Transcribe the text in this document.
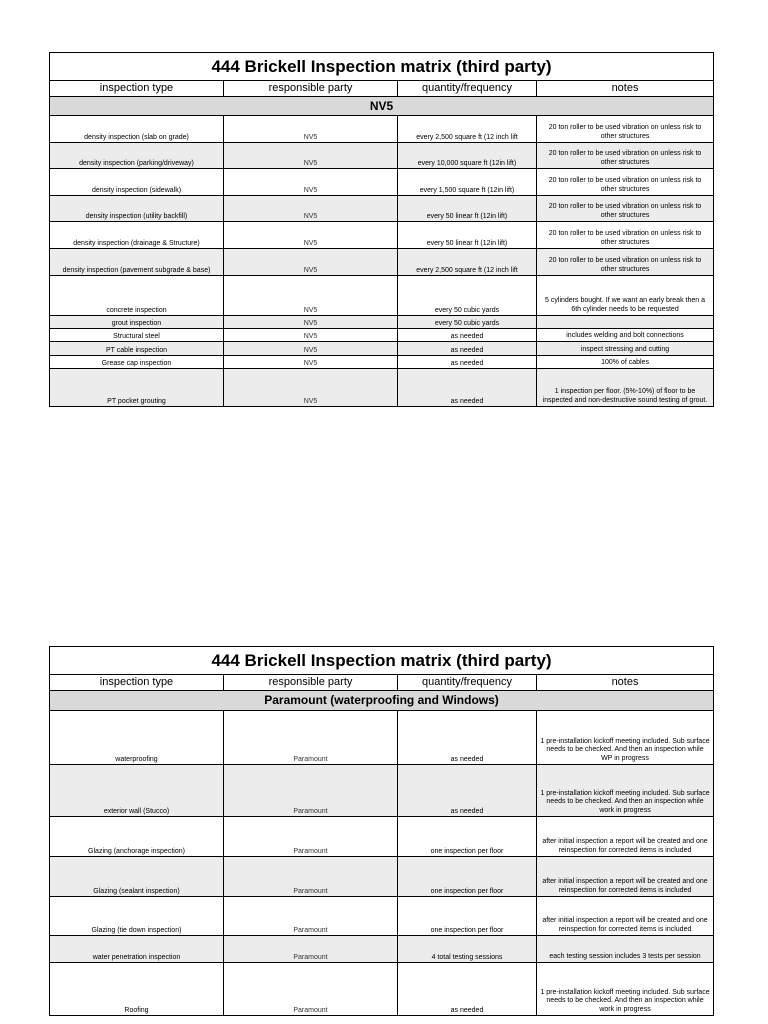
444 Brickell Inspection matrix (third party)			
inspection type	responsible party	quantity/frequency	notes
NV5			
density inspection (slab on grade)	NV5	every 2,500 square ft (12 inch lift	20 ton roller to be used vibration on unless risk to other structures
density inspection (parking/driveway)	NV5	every 10,000 square ft (12in lift)	20 ton roller to be used vibration on unless risk to other structures
density inspection (sidewalk)	NV5	every 1,500 square ft (12in lift)	20 ton roller to be used vibration on unless risk to other structures
density inspection (utility backfill)	NV5	every 50 linear ft (12in lift)	20 ton roller to be used vibration on unless risk to other structures
density inspection (drainage & Structure)	NV5	every 50 linear ft (12in lift)	20 ton roller to be used vibration on unless risk to other structures
density inspection (pavement subgrade & base)	NV5	every 2,500 square ft (12 inch lift	20 ton roller to be used vibration on unless risk to other structures
concrete inspection	NV5	every 50 cubic yards	5 cylinders bought. If we want an early break then a 6th cylinder needs to be requested
grout inspection	NV5	every 50 cubic yards	
Structural steel	NV5	as needed	includes welding and bolt connections
PT cable inspection	NV5	as needed	inspect stressing and cutting
Grease cap inspection	NV5	as needed	100% of cables
PT pocket grouting	NV5	as needed	1 inspection per floor. (5%-10%) of floor to be inspected and non-destructive sound testing of grout.
444 Brickell Inspection matrix (third party)			
inspection type	responsible party	quantity/frequency	notes
Paramount (waterproofing and Windows)			
waterproofing	Paramount	as needed	1 pre-installation kickoff meeting included. Sub surface needs to be checked. And then an inspection while WP in progress
exterior wall (Stucco)	Paramount	as needed	1 pre-installation kickoff meeting included. Sub surface needs to be checked. And then an inspection while work in progress
Glazing (anchorage inspection)	Paramount	one inspection per floor	after initial inspection a report will be created and one reinspection for corrected items is included
Glazing (sealant inspection)	Paramount	one inspection per floor	after initial inspection a report will be created and one reinspection for corrected items is included
Glazing (tie down inspection)	Paramount	one inspection per floor	after initial inspection a report will be created and one reinspection for corrected items is included
water penetration inspection	Paramount	4 total testing sessions	each testing session includes 3 tests per session
Roofing	Paramount	as needed	1 pre-installation kickoff meeting included. Sub surface needs to be checked. And then an inspection while work in progress
